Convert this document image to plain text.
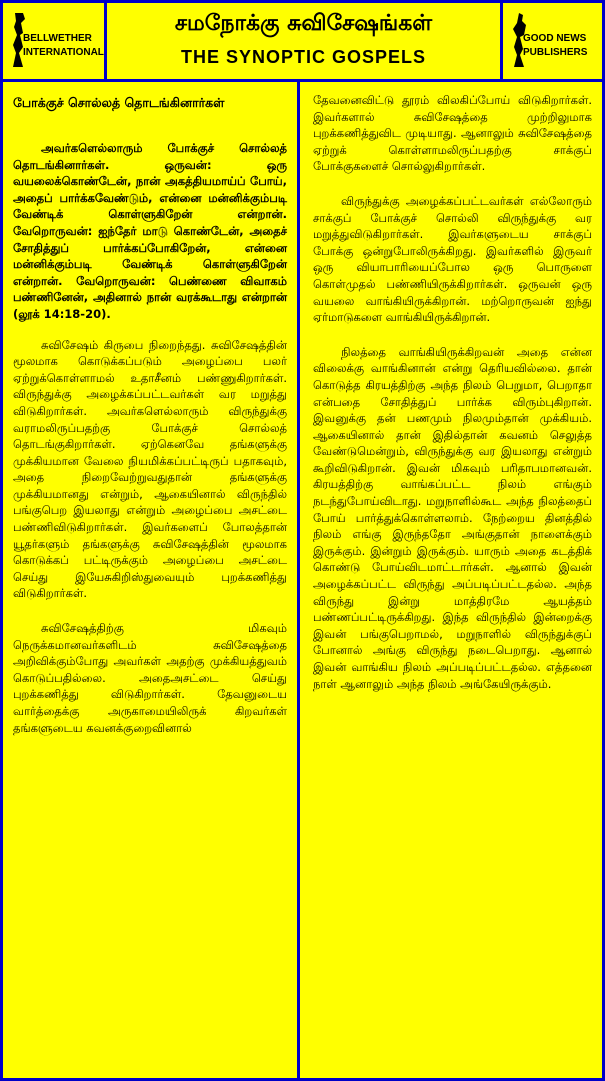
BELLWETHER
INTERNATIONAL
சமநோக்கு சுவிசேஷங்கள்
THE SYNOPTIC GOSPELS
GOOD NEWS
PUBLISHERS
போக்குச் சொல்லத் தொடங்கினார்கள்

அவர்களெல்லாரும் போக்குச் சொல்லத் தொடங்கினார்கள். ஒருவன்: ஒரு வயலைக்கொண்டேன், நான் அகத்தியமாய்ப் போய், அதைப் பார்க்கவேண்டும், என்னை மன்னிக்கும்படி வேண்டிக் கொள்ளுகிறேன் என்றான். வேறொருவன்: ஐந்தேர் மாடு கொண்டேன், அதைச் சோதித்துப் பார்க்கப்போகிறேன், என்னை மன்னிக்கும்படி வேண்டிக் கொள்ளுகிறேன் என்றான். வேறொருவன்: பெண்ணை விவாகம் பண்ணினேன், அதினால் நான் வரக்கூடாது என்றான் (லூக் 14:18-20).

சுவிசேஷம் கிருபை நிறைந்தது. சுவிசேஷத்தின் மூலமாக கொடுக்கப்படும் அழைப்பை பலர் ஏற்றுக்கொள்ளாமல் உதாசீனம் பண்ணுகிறார்கள். விருந்துக்கு அழைக்கப்பட்டவர்கள் வர மறுத்து விடுகிறார்கள். அவர்களெல்லாரும் விருந்துக்கு வராமலிருப்பதற்கு போக்குச் சொல்லத் தொடங்குகிறார்கள். ஏற்கெனவே தங்களுக்கு முக்கியமான வேலை நியமிக்கப்பட்டிருப் பதாகவும், அதை நிறைவேற்றுவதுதான் தங்களுக்கு முக்கியமானது என்றும், ஆகையினால் விருந்தில் பங்குபெற இயலாது என்றும் அழைப்பை அசட்டை பண்ணிவிடுகிறார்கள். இவர்களைப் போலத்தான் யூதர்களும் தங்களுக்கு சுவிசேஷத்தின் மூலமாக கொடுக்கப் பட்டிருக்கும் அழைப்பை அசட்டை செய்து இயேசுகிறிஸ்துவையும் புறக்கணித்து விடுகிறார்கள்.

சுவிசேஷத்திற்கு மிகவும் நெருக்கமானவர்களிடம் சுவிசேஷத்தை அறிவிக்கும்போது அவர்கள் அதற்கு முக்கியத்துவம் கொடுப்பதில்லை. அதைஅசட்டை செய்து புறக்கணித்து விடுகிறார்கள். தேவனுடைய வார்த்தைக்கு அருகாமையிலிருக் கிறவர்கள் தங்களுடைய கவனக்குறைவினால்

தேவனைவிட்டு தூரம் விலகிப்போய் விடுகிறார்கள். இவர்களால் சுவிசேஷத்தை முற்றிலுமாக புறக்கணித்துவிட முடியாது. ஆனாலும் சுவிசேஷத்தை ஏற்றுக் கொள்ளாமலிருப்பதற்கு சாக்குப் போக்குகளைச் சொல்லுகிறார்கள்.

விருந்துக்கு அழைக்கப்பட்டவர்கள் எல்லோரும் சாக்குப் போக்குச் சொல்லி விருந்துக்கு வர மறுத்துவிடுகிறார்கள். இவர்களுடைய சாக்குப் போக்கு ஒன்றுபோலிருக்கிறது. இவர்களில் இருவர் ஒரு வியாபாரியைப்போல ஒரு பொருளை கொள்முதல் பண்ணியிருக்கிறார்கள். ஒருவன் ஒரு வயலை வாங்கியிருக்கிறான். மற்றொருவன் ஐந்து ஏர்மாடுகளை வாங்கியிருக்கிறான்.

நிலத்தை வாங்கியிருக்கிறவன் அதை என்ன விலைக்கு வாங்கினான் என்று தெரியவில்லை. தான் கொடுத்த கிரயத்திற்கு அந்த நிலம் பெறுமா, பெறாதா என்பதை சோதித்துப் பார்க்க விரும்புகிறான். இவனுக்கு தன் பணமும் நிலமும்தான் முக்கியம். ஆகையினால் தான் இதில்தான் கவனம் செலுத்த வேண்டுமென்றும், விருந்துக்கு வர இயலாது என்றும் கூறிவிடுகிறான். இவன் மிகவும் பரிதாபமானவன். கிரயத்திற்கு வாங்கப்பட்ட நிலம் எங்கும் நடந்துபோய்விடாது. மறுநாளில்கூட அந்த நிலத்தைப் போய் பார்த்துக்கொள்ளலாம். நேற்றைய தினத்தில் நிலம் எங்கு இருந்ததோ அங்குதான் நாளைக்கும் இருக்கும். இன்றும் இருக்கும். யாரும் அதை கடத்திக் கொண்டு போய்விடமாட்டார்கள். ஆனால் இவன் அழைக்கப்பட்ட விருந்து அப்படிப்பட்டதல்ல. அந்த விருந்து இன்று மாத்திரமே ஆயத்தம் பண்ணப்பட்டிருக்கிறது. இந்த விருந்தில் இன்றைக்கு இவன் பங்குபெறாமல், மறுநாளில் விருந்துக்குப் போனால் அங்கு விருந்து நடைபெறாது. ஆனால் இவன் வாங்கிய நிலம் அப்படிப்பட்டதல்ல. எத்தனை நாள் ஆனாலும் அந்த நிலம் அங்கேயிருக்கும்.
